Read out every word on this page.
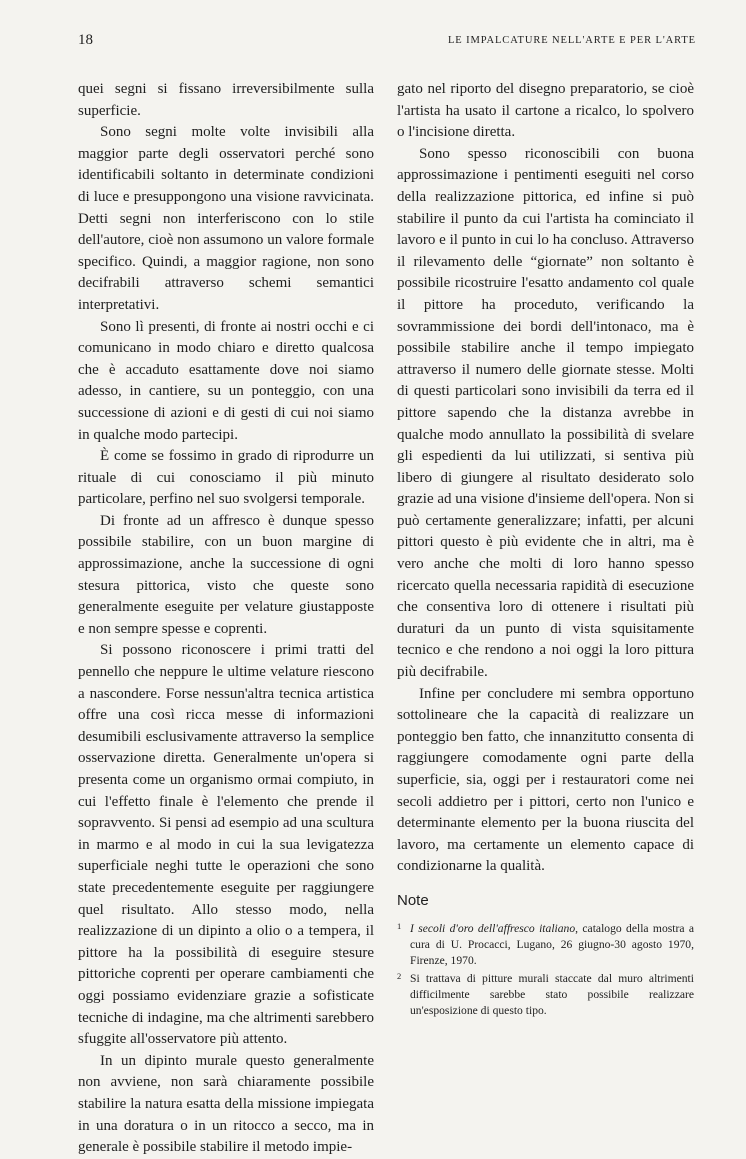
18	LE IMPALCATURE NELL'ARTE E PER L'ARTE

quei segni si fissano irreversibilmente sulla superficie.

Sono segni molte volte invisibili alla maggior parte degli osservatori perché sono identificabili soltanto in determinate condizioni di luce e presuppongono una visione ravvicinata. Detti segni non interferiscono con lo stile dell'autore, cioè non assumono un valore formale specifico. Quindi, a maggior ragione, non sono decifrabili attraverso schemi semantici interpretativi.

Sono lì presenti, di fronte ai nostri occhi e ci comunicano in modo chiaro e diretto qualcosa che è accaduto esattamente dove noi siamo adesso, in cantiere, su un ponteggio, con una successione di azioni e di gesti di cui noi siamo in qualche modo partecipi.

È come se fossimo in grado di riprodurre un rituale di cui conosciamo il più minuto particolare, perfino nel suo svolgersi temporale.

Di fronte ad un affresco è dunque spesso possibile stabilire, con un buon margine di approssimazione, anche la successione di ogni stesura pittorica, visto che queste sono generalmente eseguite per velature giustapposte e non sempre spesse e coprenti.

Si possono riconoscere i primi tratti del pennello che neppure le ultime velature riescono a nascondere. Forse nessun'altra tecnica artistica offre una così ricca messe di informazioni desumibili esclusivamente attraverso la semplice osservazione diretta. Generalmente un'opera si presenta come un organismo ormai compiuto, in cui l'effetto finale è l'elemento che prende il sopravvento. Si pensi ad esempio ad una scultura in marmo e al modo in cui la sua levigatezza superficiale neghi tutte le operazioni che sono state precedentemente eseguite per raggiungere quel risultato. Allo stesso modo, nella realizzazione di un dipinto a olio o a tempera, il pittore ha la possibilità di eseguire stesure pittoriche coprenti per operare cambiamenti che oggi possiamo evidenziare grazie a sofisticate tecniche di indagine, ma che altrimenti sarebbero sfuggite all'osservatore più attento.

In un dipinto murale questo generalmente non avviene, non sarà chiaramente possibile stabilire la natura esatta della missione impiegata in una doratura o in un ritocco a secco, ma in generale è possibile stabilire il metodo impie-

gato nel riporto del disegno preparatorio, se cioè l'artista ha usato il cartone a ricalco, lo spolvero o l'incisione diretta.

Sono spesso riconoscibili con buona approssimazione i pentimenti eseguiti nel corso della realizzazione pittorica, ed infine si può stabilire il punto da cui l'artista ha cominciato il lavoro e il punto in cui lo ha concluso. Attraverso il rilevamento delle “giornate” non soltanto è possibile ricostruire l'esatto andamento col quale il pittore ha proceduto, verificando la sovrammissione dei bordi dell'intonaco, ma è possibile stabilire anche il tempo impiegato attraverso il numero delle giornate stesse. Molti di questi particolari sono invisibili da terra ed il pittore sapendo che la distanza avrebbe in qualche modo annullato la possibilità di svelare gli espedienti da lui utilizzati, si sentiva più libero di giungere al risultato desiderato solo grazie ad una visione d'insieme dell'opera. Non si può certamente generalizzare; infatti, per alcuni pittori questo è più evidente che in altri, ma è vero anche che molti di loro hanno spesso ricercato quella necessaria rapidità di esecuzione che consentiva loro di ottenere i risultati più duraturi da un punto di vista squisitamente tecnico e che rendono a noi oggi la loro pittura più decifrabile.

Infine per concludere mi sembra opportuno sottolineare che la capacità di realizzare un ponteggio ben fatto, che innanzitutto consenta di raggiungere comodamente ogni parte della superficie, sia, oggi per i restauratori come nei secoli addietro per i pittori, certo non l'unico e determinante elemento per la buona riuscita del lavoro, ma certamente un elemento capace di condizionarne la qualità.

Note
1 I secoli d'oro dell'affresco italiano, catalogo della mostra a cura di U. Procacci, Lugano, 26 giugno-30 agosto 1970, Firenze, 1970.
2 Si trattava di pitture murali staccate dal muro altrimenti difficilmente sarebbe stato possibile realizzare un'esposizione di questo tipo.
